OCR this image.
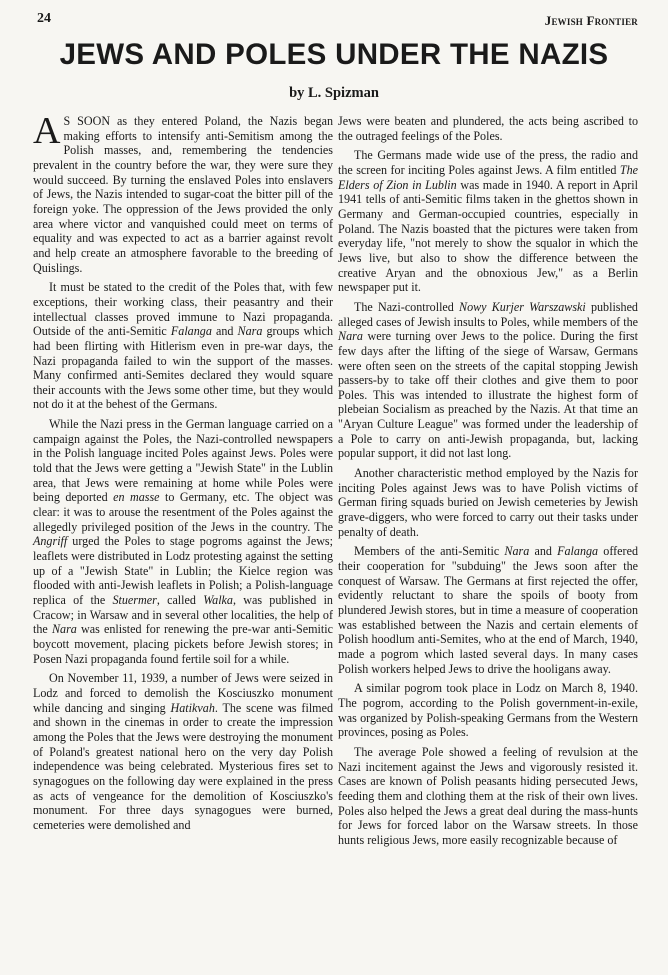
24	Jewish Frontier
JEWS AND POLES UNDER THE NAZIS
by L. Spizman

A S SOON as they entered Poland, the Nazis began making efforts to intensify anti-Semitism among the Polish masses, and, remembering the tendencies prevalent in the country before the war, they were sure they would succeed. By turning the enslaved Poles into enslavers of Jews, the Nazis intended to sugar-coat the bitter pill of the foreign yoke. The oppression of the Jews provided the only area where victor and vanquished could meet on terms of equality and was expected to act as a barrier against revolt and help create an atmosphere favorable to the breeding of Quislings.

It must be stated to the credit of the Poles that, with few exceptions, their working class, their peasantry and their intellectual classes proved immune to Nazi propaganda. Outside of the anti-Semitic Falanga and Nara groups which had been flirting with Hitlerism even in pre-war days, the Nazi propaganda failed to win the support of the masses. Many confirmed anti-Semites declared they would square their accounts with the Jews some other time, but they would not do it at the behest of the Germans.

While the Nazi press in the German language carried on a campaign against the Poles, the Nazi-controlled newspapers in the Polish language incited Poles against Jews. Poles were told that the Jews were getting a "Jewish State" in the Lublin area, that Jews were remaining at home while Poles were being deported en masse to Germany, etc. The object was clear: it was to arouse the resentment of the Poles against the allegedly privileged position of the Jews in the country. The Angriff urged the Poles to stage pogroms against the Jews; leaflets were distributed in Lodz protesting against the setting up of a "Jewish State" in Lublin; the Kielce region was flooded with anti-Jewish leaflets in Polish; a Polish-language replica of the Stuermer, called Walka, was published in Cracow; in Warsaw and in several other localities, the help of the Nara was enlisted for renewing the pre-war anti-Semitic boycott movement, placing pickets before Jewish stores; in Posen Nazi propaganda found fertile soil for a while.

On November 11, 1939, a number of Jews were seized in Lodz and forced to demolish the Kosciuszko monument while dancing and singing Hatikvah. The scene was filmed and shown in the cinemas in order to create the impression among the Poles that the Jews were destroying the monument of Poland's greatest national hero on the very day Polish independence was being celebrated. Mysterious fires set to synagogues on the following day were explained in the press as acts of vengeance for the demolition of Kosciuszko's monument. For three days synagogues were burned, cemeteries were demolished and

Jews were beaten and plundered, the acts being ascribed to the outraged feelings of the Poles.

The Germans made wide use of the press, the radio and the screen for inciting Poles against Jews. A film entitled The Elders of Zion in Lublin was made in 1940. A report in April 1941 tells of anti-Semitic films taken in the ghettos shown in Germany and German-occupied countries, especially in Poland. The Nazis boasted that the pictures were taken from everyday life, "not merely to show the squalor in which the Jews live, but also to show the difference between the creative Aryan and the obnoxious Jew," as a Berlin newspaper put it.

The Nazi-controlled Nowy Kurjer Warszawski published alleged cases of Jewish insults to Poles, while members of the Nara were turning over Jews to the police. During the first few days after the lifting of the siege of Warsaw, Germans were often seen on the streets of the capital stopping Jewish passers-by to take off their clothes and give them to poor Poles. This was intended to illustrate the highest form of plebeian Socialism as preached by the Nazis. At that time an "Aryan Culture League" was formed under the leadership of a Pole to carry on anti-Jewish propaganda, but, lacking popular support, it did not last long.

Another characteristic method employed by the Nazis for inciting Poles against Jews was to have Polish victims of German firing squads buried on Jewish cemeteries by Jewish grave-diggers, who were forced to carry out their tasks under penalty of death.

Members of the anti-Semitic Nara and Falanga offered their cooperation for "subduing" the Jews soon after the conquest of Warsaw. The Germans at first rejected the offer, evidently reluctant to share the spoils of booty from plundered Jewish stores, but in time a measure of cooperation was established between the Nazis and certain elements of Polish hoodlum anti-Semites, who at the end of March, 1940, made a pogrom which lasted several days. In many cases Polish workers helped Jews to drive the hooligans away.

A similar pogrom took place in Lodz on March 8, 1940. The pogrom, according to the Polish government-in-exile, was organized by Polish-speaking Germans from the Western provinces, posing as Poles.

The average Pole showed a feeling of revulsion at the Nazi incitement against the Jews and vigorously resisted it. Cases are known of Polish peasants hiding persecuted Jews, feeding them and clothing them at the risk of their own lives. Poles also helped the Jews a great deal during the mass-hunts for Jews for forced labor on the Warsaw streets. In those hunts religious Jews, more easily recognizable because of
